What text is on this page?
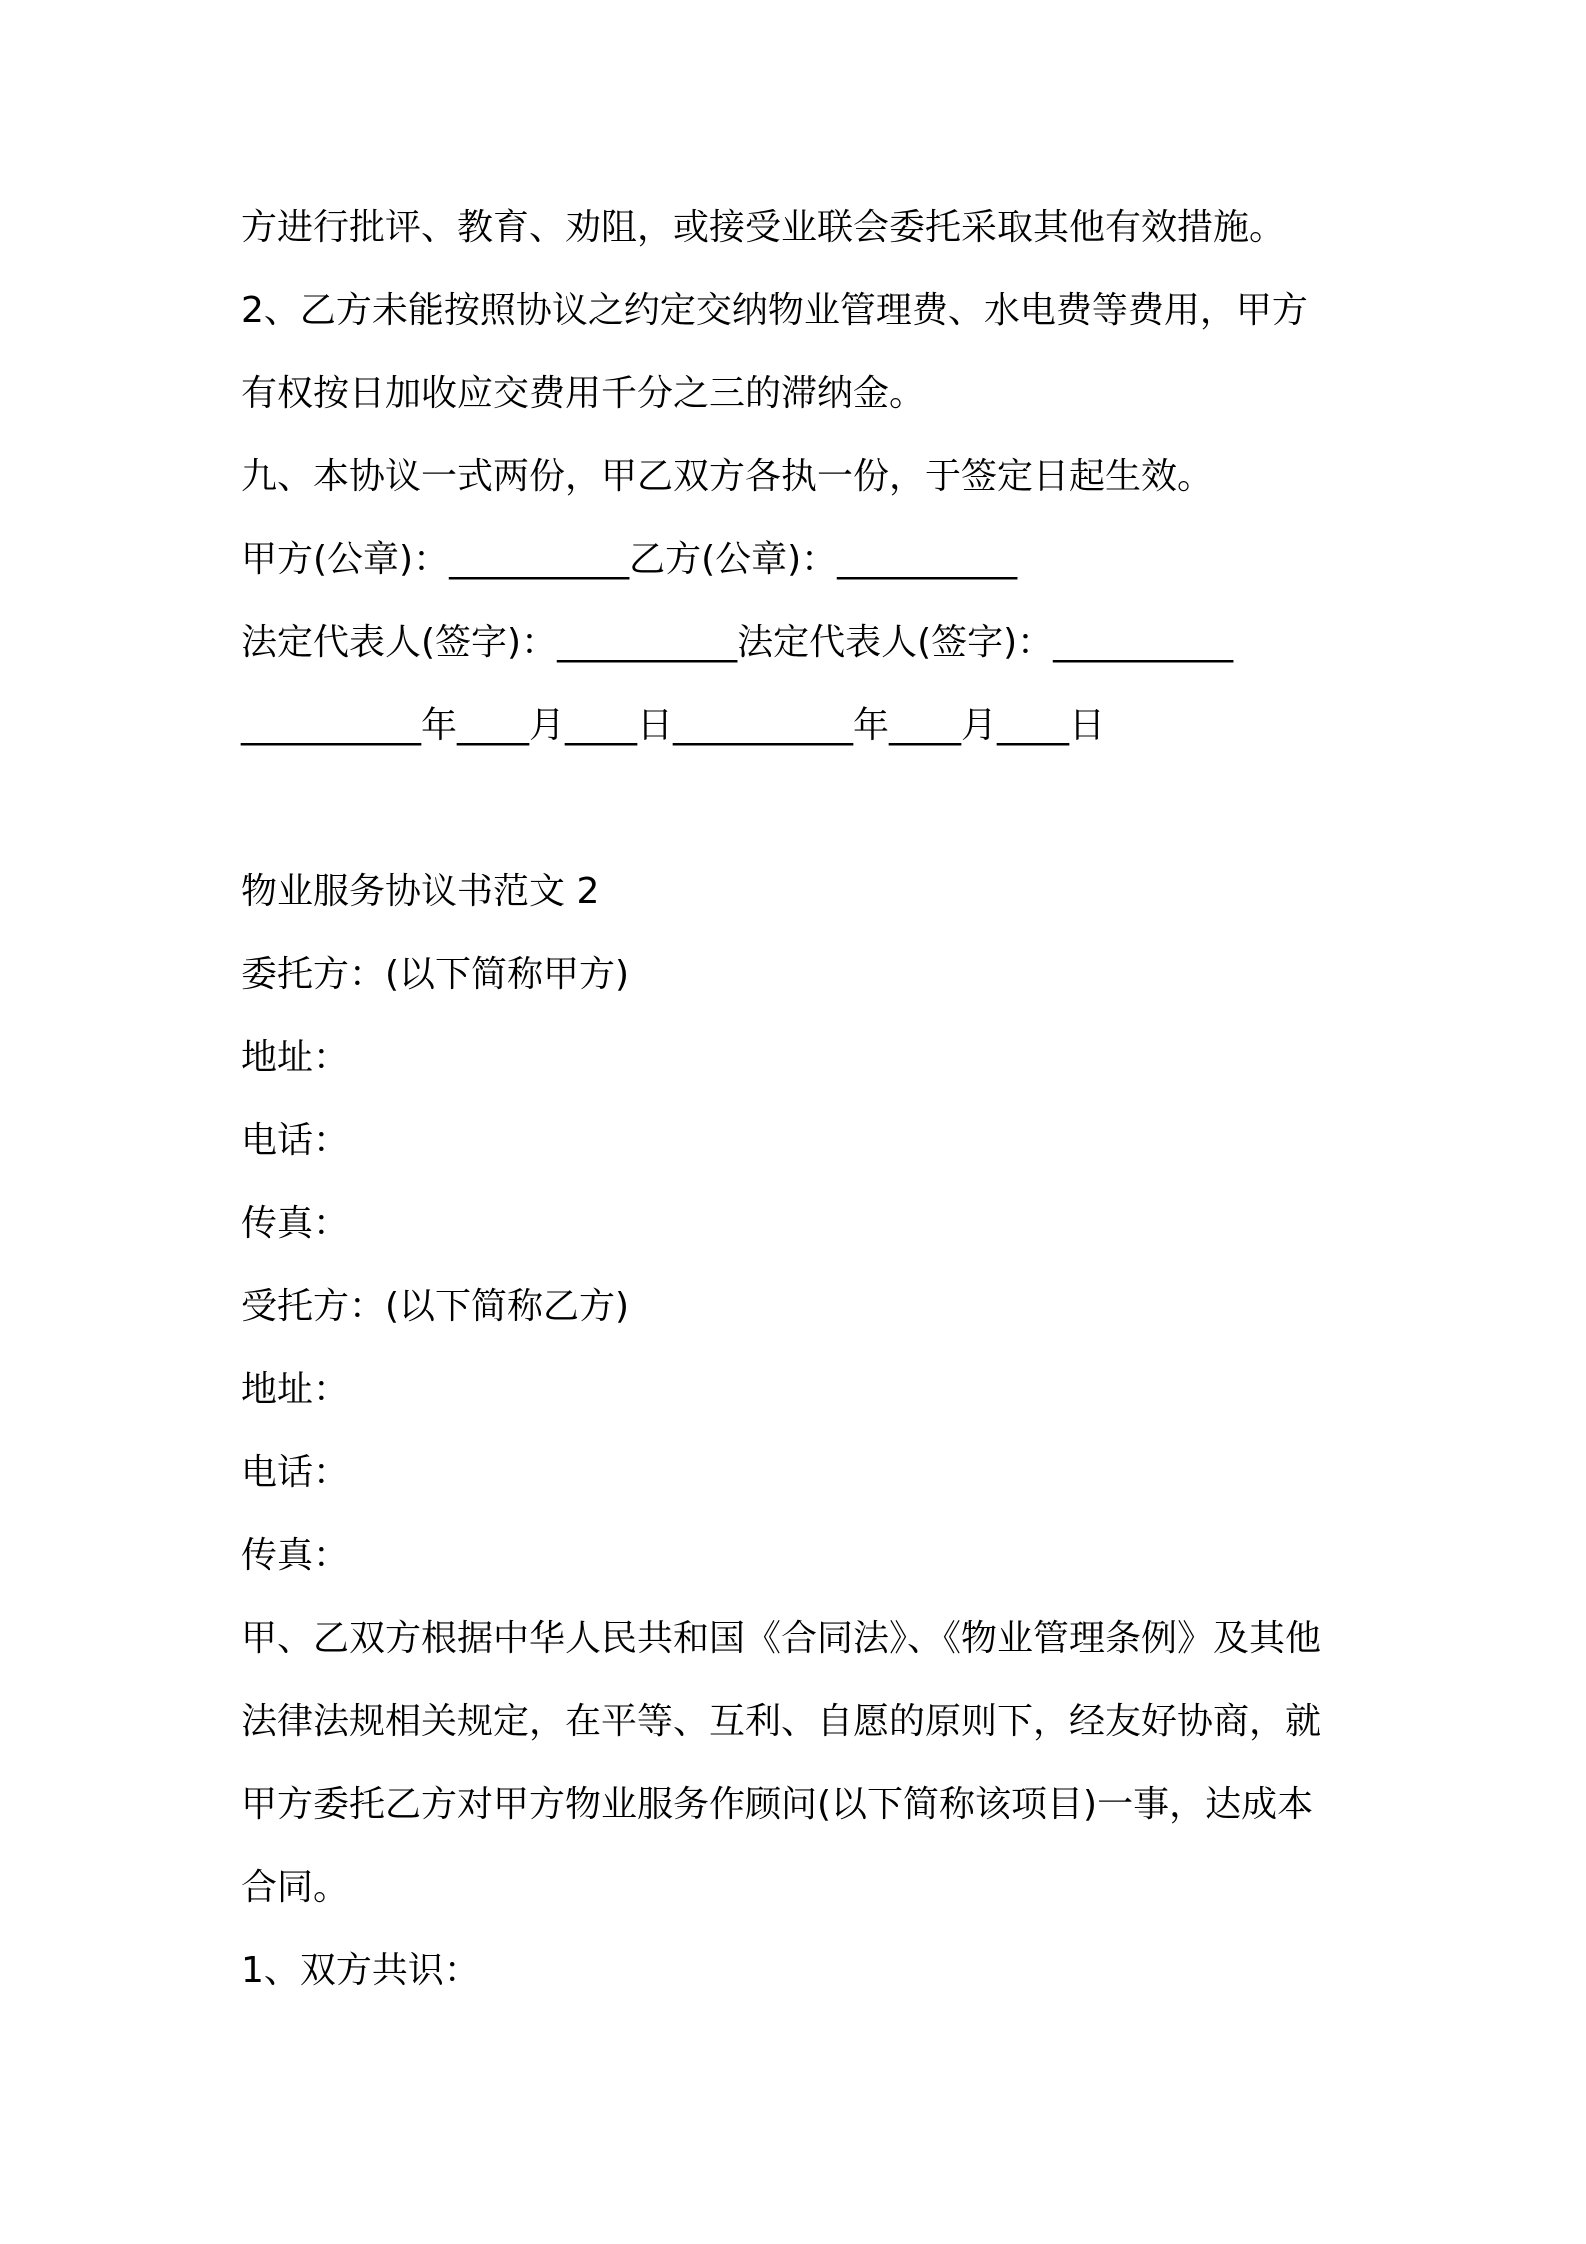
方进行批评、教育、劝阻，或接受业联会委托采取其他有效措施。

2、乙方未能按照协议之约定交纳物业管理费、水电费等费用，甲方

有权按日加收应交费用千分之三的滞纳金。

九、本协议一式两份，甲乙双方各执一份，于签定日起生效。

甲方(公章)：__________乙方(公章)：__________

法定代表人(签字)：__________法定代表人(签字)：__________

__________年____月____日__________年____月____日

物业服务协议书范文 2

委托方：(以下简称甲方)

地址：

电话：

传真：

受托方：(以下简称乙方)

地址：

电话：

传真：

甲、乙双方根据中华人民共和国《合同法》、《物业管理条例》及其他

法律法规相关规定，在平等、互利、自愿的原则下，经友好协商，就

甲方委托乙方对甲方物业服务作顾问(以下简称该项目)一事，达成本

合同。

1、双方共识：
